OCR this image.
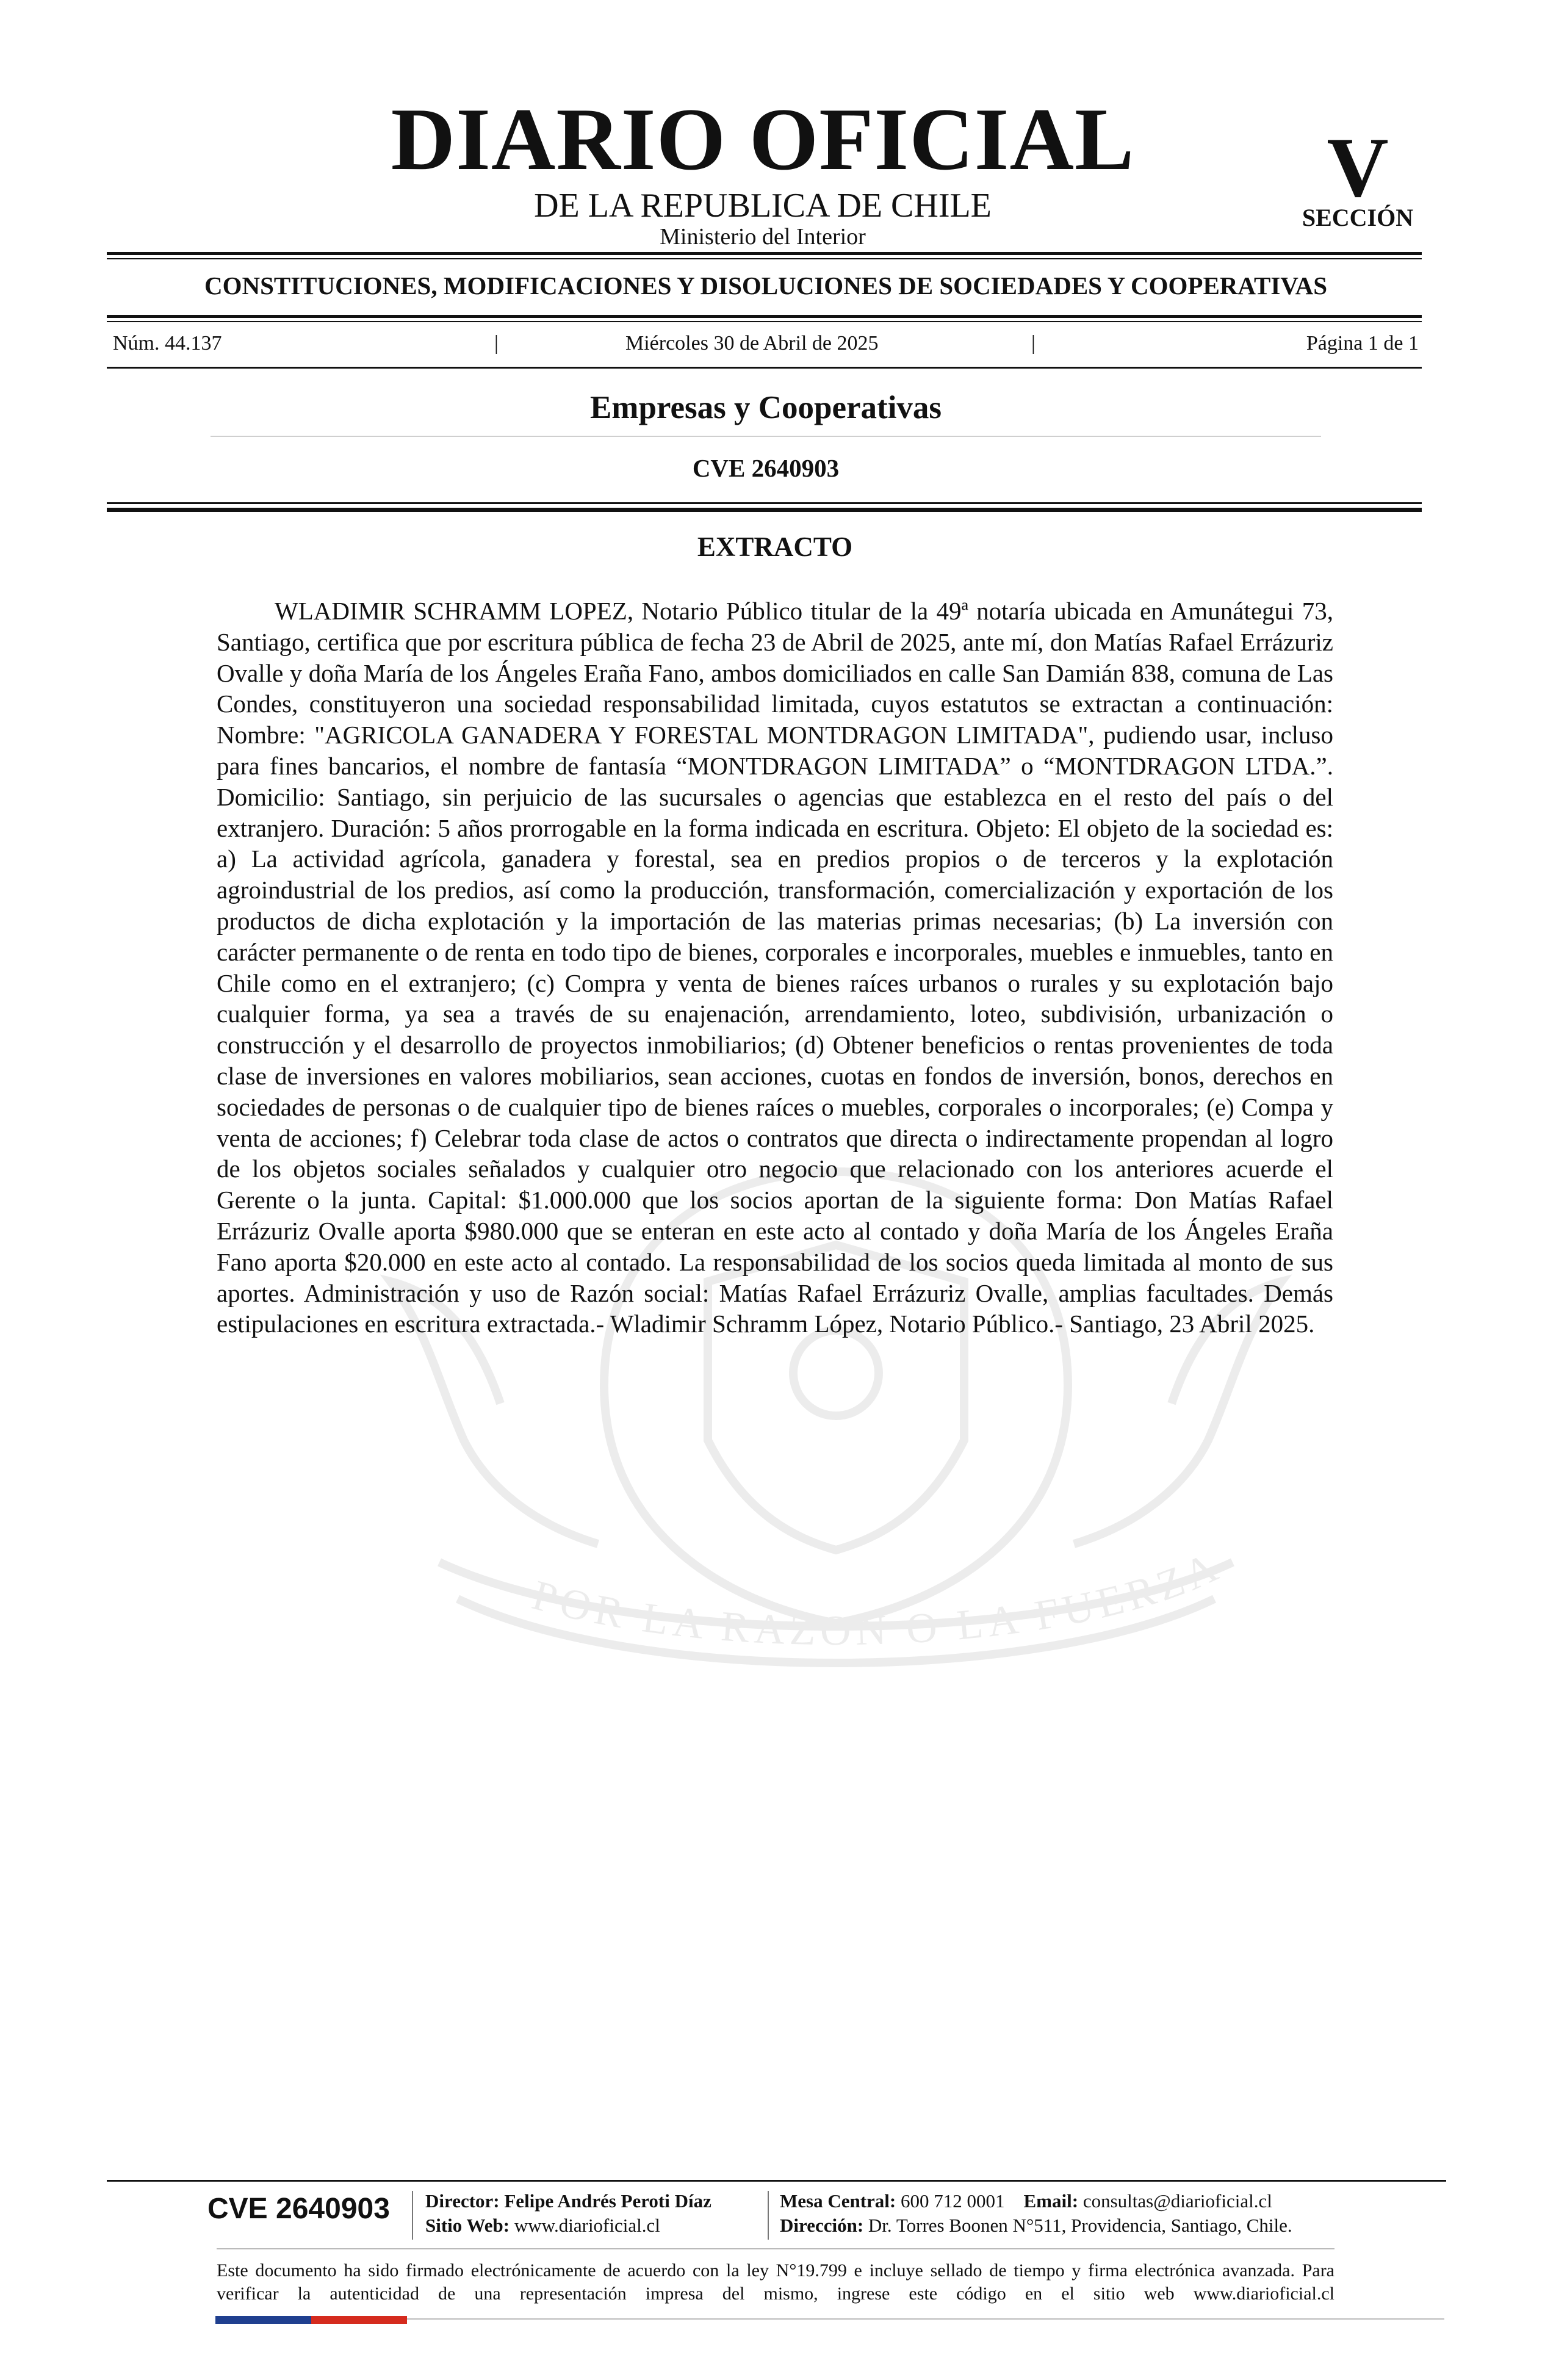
POR LA RAZON O LA FUERZA
DIARIO OFICIAL
DE LA REPUBLICA DE CHILE
Ministerio del Interior
V
SECCIÓN
CONSTITUCIONES, MODIFICACIONES Y DISOLUCIONES DE SOCIEDADES Y COOPERATIVAS
Núm. 44.137	|	Miércoles 30 de Abril de 2025	|	Página 1 de 1
Empresas y Cooperativas
CVE 2640903
EXTRACTO
WLADIMIR SCHRAMM LOPEZ, Notario Público titular de la 49ª notaría ubicada en Amunátegui 73, Santiago, certifica que por escritura pública de fecha 23 de Abril de 2025, ante mí, don Matías Rafael Errázuriz Ovalle y doña María de los Ángeles Eraña Fano, ambos domiciliados en calle San Damián 838, comuna de Las Condes, constituyeron una sociedad responsabilidad limitada, cuyos estatutos se extractan a continuación: Nombre: "AGRICOLA GANADERA Y FORESTAL MONTDRAGON LIMITADA", pudiendo usar, incluso para fines bancarios, el nombre de fantasía “MONTDRAGON LIMITADA” o “MONTDRAGON LTDA.”. Domicilio: Santiago, sin perjuicio de las sucursales o agencias que establezca en el resto del país o del extranjero. Duración: 5 años prorrogable en la forma indicada en escritura. Objeto: El objeto de la sociedad es: a) La actividad agrícola, ganadera y forestal, sea en predios propios o de terceros y la explotación agroindustrial de los predios, así como la producción, transformación, comercialización y exportación de los productos de dicha explotación y la importación de las materias primas necesarias; (b) La inversión con carácter permanente o de renta en todo tipo de bienes, corporales e incorporales, muebles e inmuebles, tanto en Chile como en el extranjero; (c) Compra y venta de bienes raíces urbanos o rurales y su explotación bajo cualquier forma, ya sea a través de su enajenación, arrendamiento, loteo, subdivisión, urbanización o construcción y el desarrollo de proyectos inmobiliarios; (d) Obtener beneficios o rentas provenientes de toda clase de inversiones en valores mobiliarios, sean acciones, cuotas en fondos de inversión, bonos, derechos en sociedades de personas o de cualquier tipo de bienes raíces o muebles, corporales o incorporales; (e) Compa y venta de acciones; f) Celebrar toda clase de actos o contratos que directa o indirectamente propendan al logro de los objetos sociales señalados y cualquier otro negocio que relacionado con los anteriores acuerde el Gerente o la junta. Capital: $1.000.000 que los socios aportan de la siguiente forma: Don Matías Rafael Errázuriz Ovalle aporta $980.000 que se enteran en este acto al contado y doña María de los Ángeles Eraña Fano aporta $20.000 en este acto al contado. La responsabilidad de los socios queda limitada al monto de sus aportes. Administración y uso de Razón social: Matías Rafael Errázuriz Ovalle, amplias facultades. Demás estipulaciones en escritura extractada.- Wladimir Schramm López, Notario Público.- Santiago, 23 Abril 2025.
CVE 2640903 Director: Felipe Andrés Peroti Díaz
Sitio Web: www.diarioficial.cl
Mesa Central: 600 712 0001 Email: consultas@diarioficial.cl
Dirección: Dr. Torres Boonen N°511, Providencia, Santiago, Chile.
Este documento ha sido firmado electrónicamente de acuerdo con la ley N°19.799 e incluye sellado de tiempo y firma electrónica avanzada. Para verificar la autenticidad de una representación impresa del mismo, ingrese este código en el sitio web www.diarioficial.cl
